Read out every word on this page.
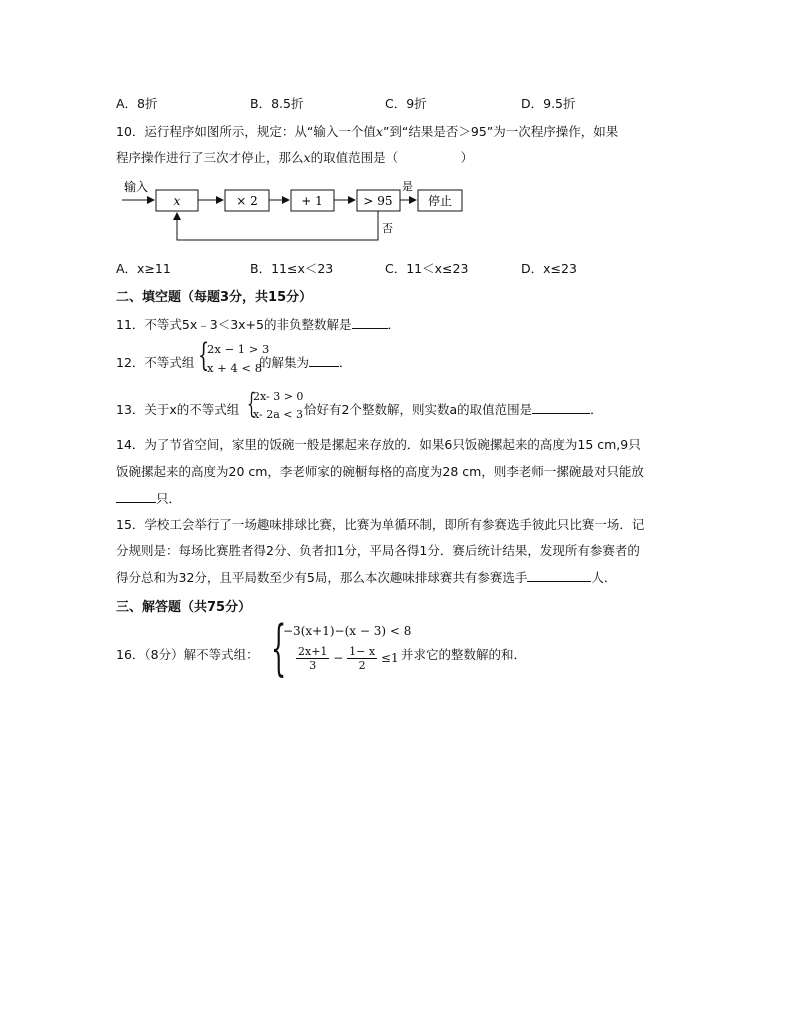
A．8折	B．8.5折	C．9折	D．9.5折
10．运行程序如图所示，规定：从“输入一个值x”到“结果是否＞95”为一次程序操作，如果
程序操作进行了三次才停止，那么x的取值范围是（　　　　　）
输入
x	× 2	+ 1	> 95
是
停止
否
A．x≥11	B．11≤x＜23	C．11＜x≤23	D．x≤23
二、填空题（每题3分，共15分）
11．不等式5x﹣3＜3x+5的非负整数解是	．
12．不等式组 {
2x − 1 > 3
x + 4 < 8
的解集为 ．
13．关于x的不等式组 {
2x- 3 > 0
x- 2a < 3 恰好有2个整数解，则实数a的取值范围是	．
14．为了节省空间，家里的饭碗一般是摞起来存放的．如果6只饭碗摞起来的高度为15 cm,9只
饭碗摞起来的高度为20 cm，李老师家的碗橱每格的高度为28 cm，则李老师一摞碗最对只能放
只．
15．学校工会举行了一场趣味排球比赛，比赛为单循环制，即所有参赛选手彼此只比赛一场．记
分规则是：每场比赛胜者得2分、负者扣1分，平局各得1分．赛后统计结果，发现所有参赛者的
得分总和为32分，且平局数至少有5局，那么本次趣味排球赛共有参赛选手	人．
三、解答题（共75分）
16．（8分）解不等式组： {
−3(x+1)−(x − 3) < 8
$\frac{2x+1}{3} - \frac{1- x}{2} \le 1$ 并求它的整数解的和．
